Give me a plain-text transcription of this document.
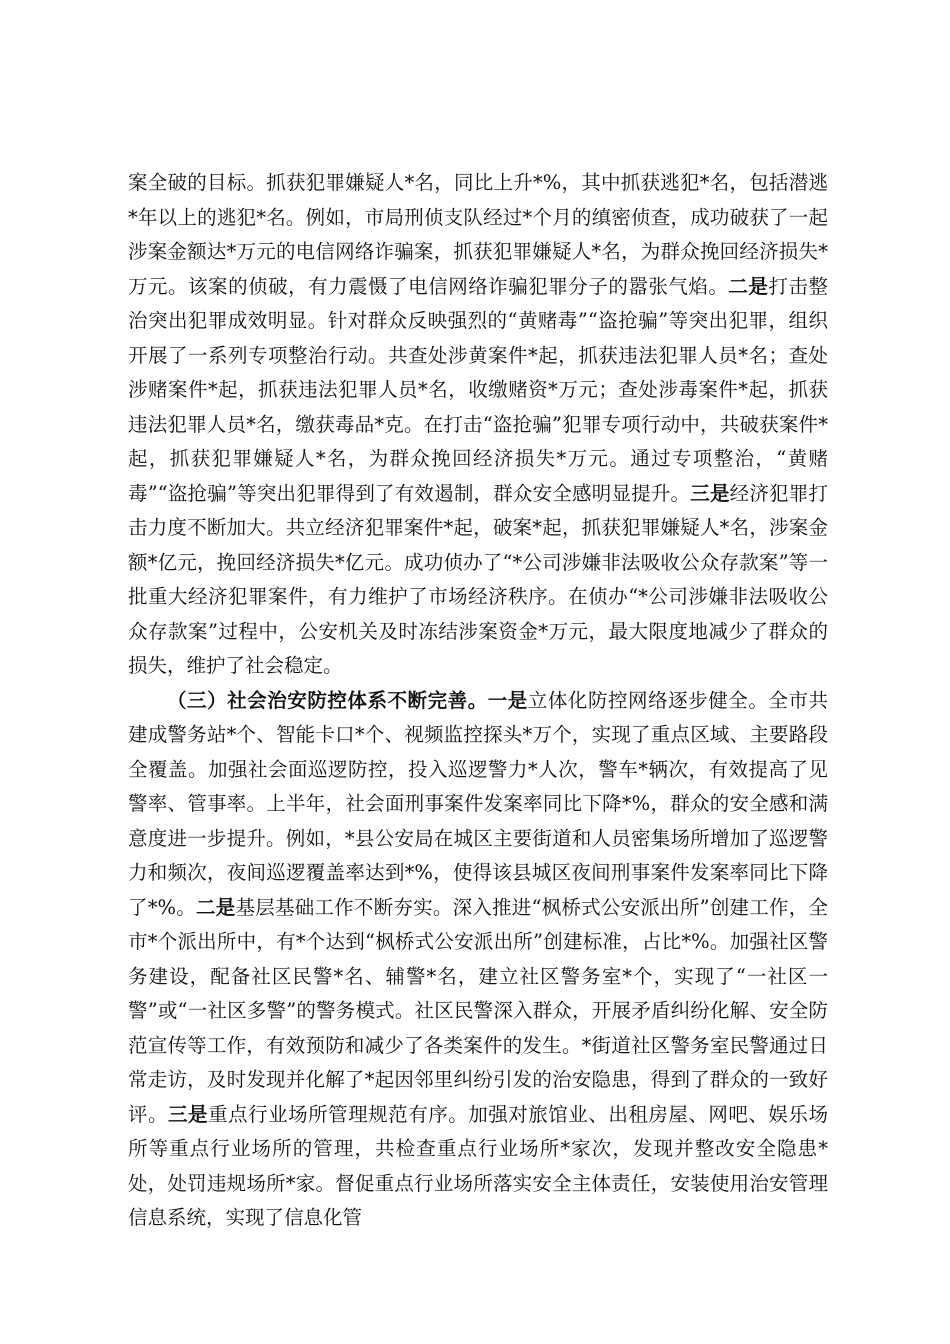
案全破的目标。抓获犯罪嫌疑人*名，同比上升*%，其中抓获逃犯*名，包括潜逃*年以上的逃犯*名。例如，市局刑侦支队经过*个月的缜密侦查，成功破获了一起涉案金额达*万元的电信网络诈骗案，抓获犯罪嫌疑人*名，为群众挽回经济损失*万元。该案的侦破，有力震慑了电信网络诈骗犯罪分子的嚣张气焰。二是打击整治突出犯罪成效明显。针对群众反映强烈的“黄赌毒”“盗抢骗”等突出犯罪，组织开展了一系列专项整治行动。共查处涉黄案件*起，抓获违法犯罪人员*名；查处涉赌案件*起，抓获违法犯罪人员*名，收缴赌资*万元；查处涉毒案件*起，抓获违法犯罪人员*名，缴获毒品*克。在打击“盗抢骗”犯罪专项行动中，共破获案件*起，抓获犯罪嫌疑人*名，为群众挽回经济损失*万元。通过专项整治，“黄赌毒”“盗抢骗”等突出犯罪得到了有效遏制，群众安全感明显提升。三是经济犯罪打击力度不断加大。共立经济犯罪案件*起，破案*起，抓获犯罪嫌疑人*名，涉案金额*亿元，挽回经济损失*亿元。成功侦办了“*公司涉嫌非法吸收公众存款案”等一批重大经济犯罪案件，有力维护了市场经济秩序。在侦办“*公司涉嫌非法吸收公众存款案”过程中，公安机关及时冻结涉案资金*万元，最大限度地减少了群众的损失，维护了社会稳定。

（三）社会治安防控体系不断完善。一是立体化防控网络逐步健全。全市共建成警务站*个、智能卡口*个、视频监控探头*万个，实现了重点区域、主要路段全覆盖。加强社会面巡逻防控，投入巡逻警力*人次，警车*辆次，有效提高了见警率、管事率。上半年，社会面刑事案件发案率同比下降*%，群众的安全感和满意度进一步提升。例如，*县公安局在城区主要街道和人员密集场所增加了巡逻警力和频次，夜间巡逻覆盖率达到*%，使得该县城区夜间刑事案件发案率同比下降了*%。二是基层基础工作不断夯实。深入推进“枫桥式公安派出所”创建工作，全市*个派出所中，有*个达到“枫桥式公安派出所”创建标准，占比*%。加强社区警务建设，配备社区民警*名、辅警*名，建立社区警务室*个，实现了“一社区一警”或“一社区多警”的警务模式。社区民警深入群众，开展矛盾纠纷化解、安全防范宣传等工作，有效预防和减少了各类案件的发生。*街道社区警务室民警通过日常走访，及时发现并化解了*起因邻里纠纷引发的治安隐患，得到了群众的一致好评。三是重点行业场所管理规范有序。加强对旅馆业、出租房屋、网吧、娱乐场所等重点行业场所的管理，共检查重点行业场所*家次，发现并整改安全隐患*处，处罚违规场所*家。督促重点行业场所落实安全主体责任，安装使用治安管理信息系统，实现了信息化管
